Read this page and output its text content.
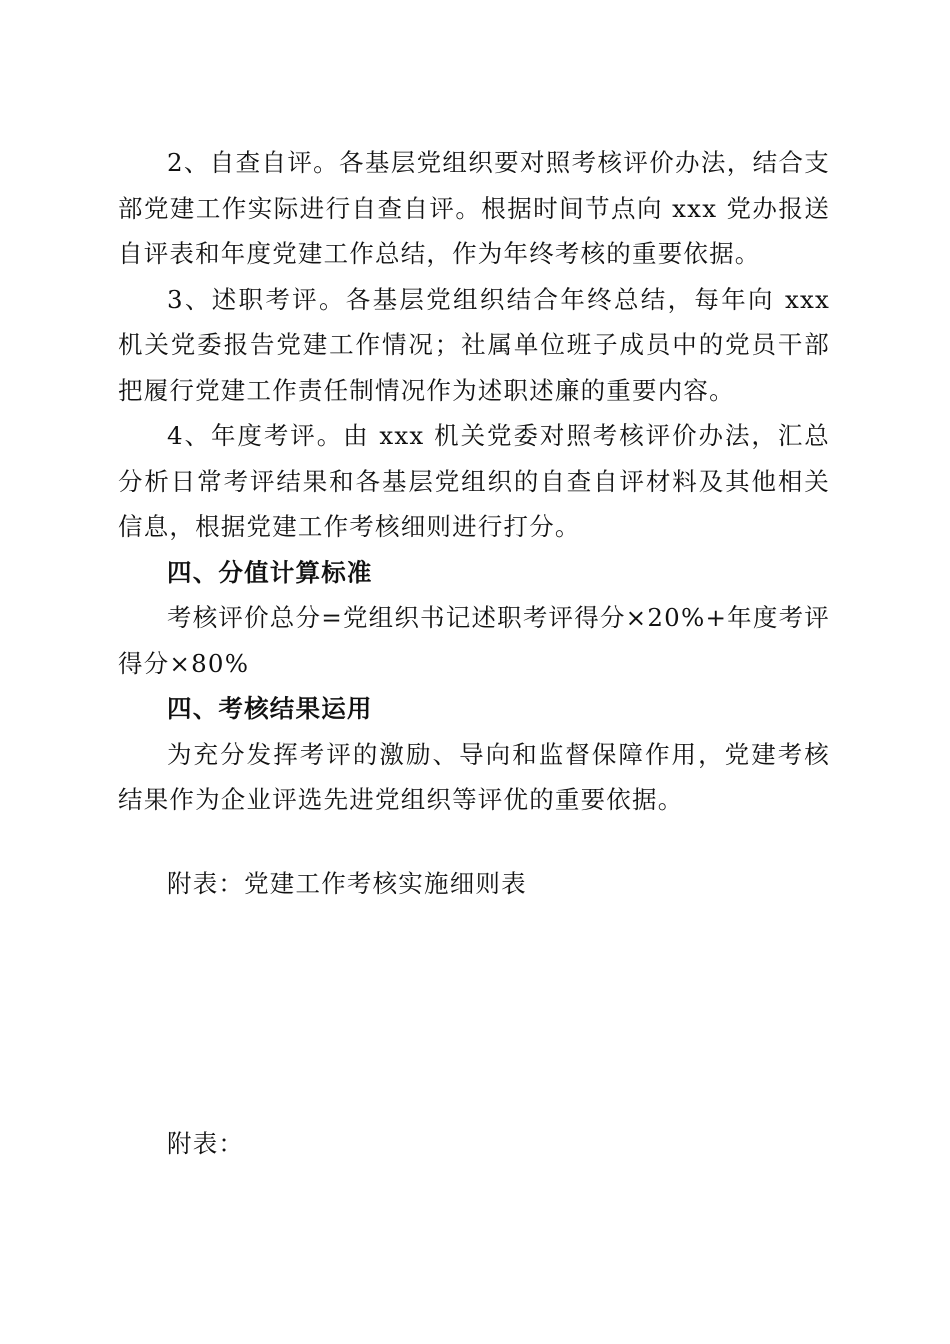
2、自查自评。各基层党组织要对照考核评价办法，结合支部党建工作实际进行自查自评。根据时间节点向 xxx 党办报送自评表和年度党建工作总结，作为年终考核的重要依据。

3、述职考评。各基层党组织结合年终总结，每年向 xxx 机关党委报告党建工作情况；社属单位班子成员中的党员干部把履行党建工作责任制情况作为述职述廉的重要内容。

4、年度考评。由 xxx 机关党委对照考核评价办法，汇总分析日常考评结果和各基层党组织的自查自评材料及其他相关信息，根据党建工作考核细则进行打分。

四、分值计算标准

考核评价总分=党组织书记述职考评得分×20%+年度考评得分×80%

四、考核结果运用

为充分发挥考评的激励、导向和监督保障作用，党建考核结果作为企业评选先进党组织等评优的重要依据。

附表：党建工作考核实施细则表

附表：
